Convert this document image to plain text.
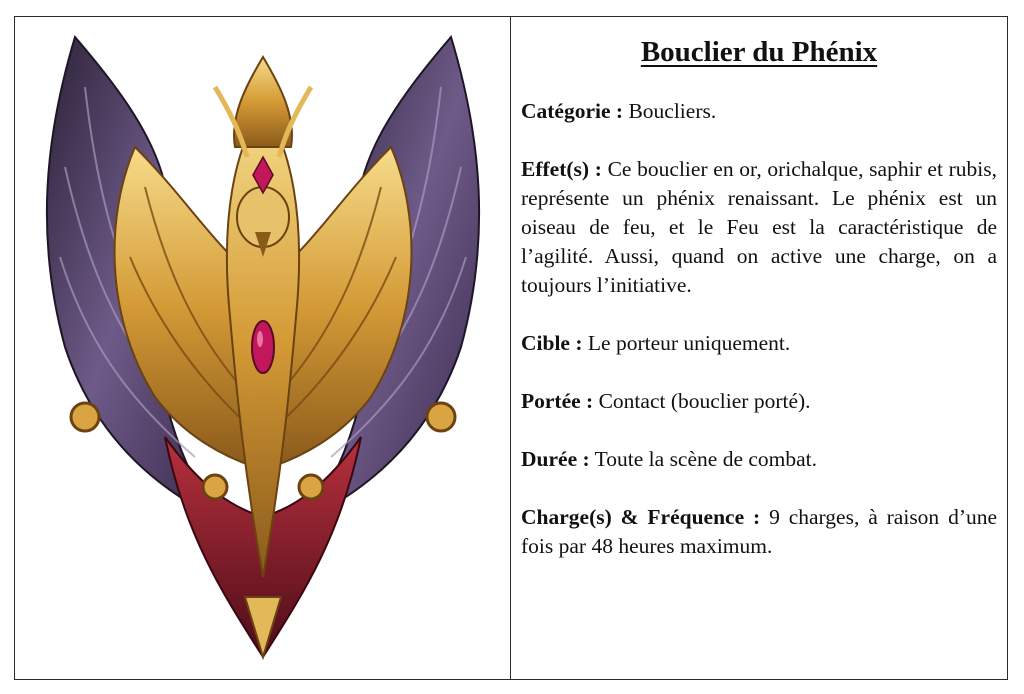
Bouclier du Phénix
Catégorie : Boucliers.
Effet(s) : Ce bouclier en or, orichalque, saphir et rubis, représente un phénix renaissant. Le phénix est un oiseau de feu, et le Feu est la caractéristique de l’agilité. Aussi, quand on active une charge, on a toujours l’initiative.
Cible : Le porteur uniquement.
Portée : Contact (bouclier porté).
Durée : Toute la scène de combat.
Charge(s) & Fréquence : 9 charges, à raison d’une fois par 48 heures maximum.
